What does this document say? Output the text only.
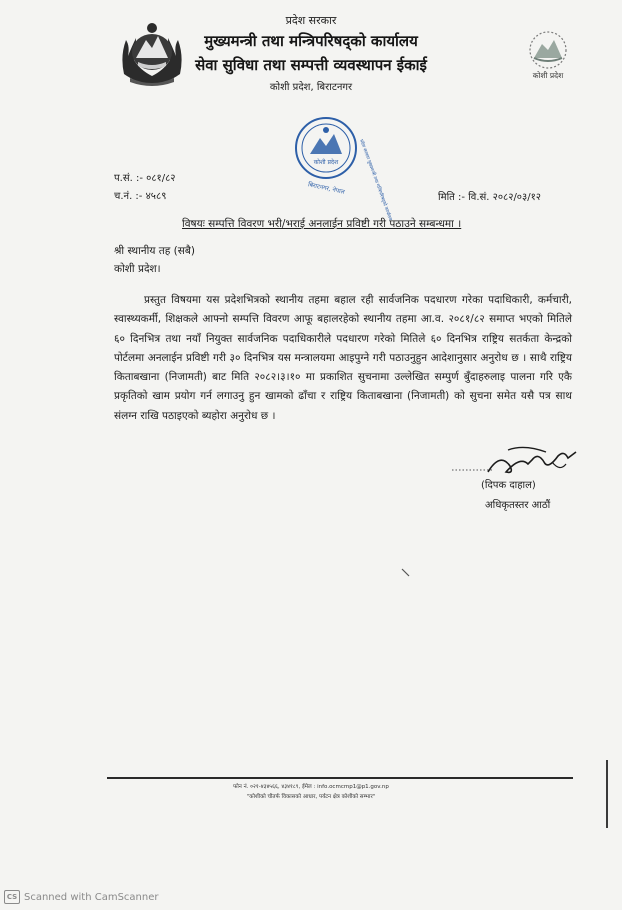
प्रदेश सरकार
मुख्यमन्त्री तथा मन्त्रिपरिषद्को कार्यालय
सेवा सुविधा तथा सम्पत्ती व्यवस्थापन ईकाई
कोशी प्रदेश, बिराटनगर
कोशी प्रदेश
कोशी प्रदेश
बिराटनगर, नेपाल	प्रदेश सरकार मुख्यमन्त्री तथा मन्त्रिपरिषद्को कार्यालय
प.सं. :- ०८१/८२
च.नं. :- ४५८९	मिति :- वि.सं. २०८२/०३/१२
विषयः सम्पत्ति विवरण भरी/भराई अनलाईन प्रविष्टी गरी पठाउने सम्बन्धमा ।
श्री स्थानीय तह (सबै)
कोशी प्रदेश।
प्रस्तुत विषयमा यस प्रदेशभित्रको स्थानीय तहमा बहाल रही सार्वजनिक पदधारण गरेका पदाधिकारी, कर्मचारी, स्वास्थ्यकर्मी, शिक्षकले आफ्नो सम्पत्ति विवरण आफू बहालरहेको स्थानीय तहमा आ.व. २०८१/८२ समाप्त भएको मितिले ६० दिनभित्र तथा नयाँ नियुक्त सार्वजनिक पदाधिकारीले पदधारण गरेको मितिले ६० दिनभित्र राष्ट्रिय सतर्कता केन्द्रको पोर्टलमा अनलाईन प्रविष्टी गरी ३० दिनभित्र यस मन्त्रालयमा आइपुग्ने गरी पठाउनुहुन आदेशानुसार अनुरोध छ । साथै राष्ट्रिय किताबखाना (निजामती) बाट मिति २०८२।३।१० मा प्रकाशित सुचनामा उल्लेखित सम्पुर्ण बुँदाहरुलाइ पालना गरि एकै प्रकृतिको खाम प्रयोग गर्न लगाउनु हुन खामको ढाँचा र राष्ट्रिय किताबखाना (निजामती) को सुचना समेत यसै पत्र साथ संलग्न राखि पठाइएको ब्यहोरा अनुरोध छ ।
(दिपक दाहाल)
अधिकृतस्तर आठौं
फोन नं. ०२१-४३४५६६, ४३४१८९, ईमेल : info.ocmcmp1@p1.gov.np
"कोशीको चौतर्फ विकासको आधार, पर्यटन क्षेत्र कोशीको सम्भार"
CS Scanned with CamScanner
